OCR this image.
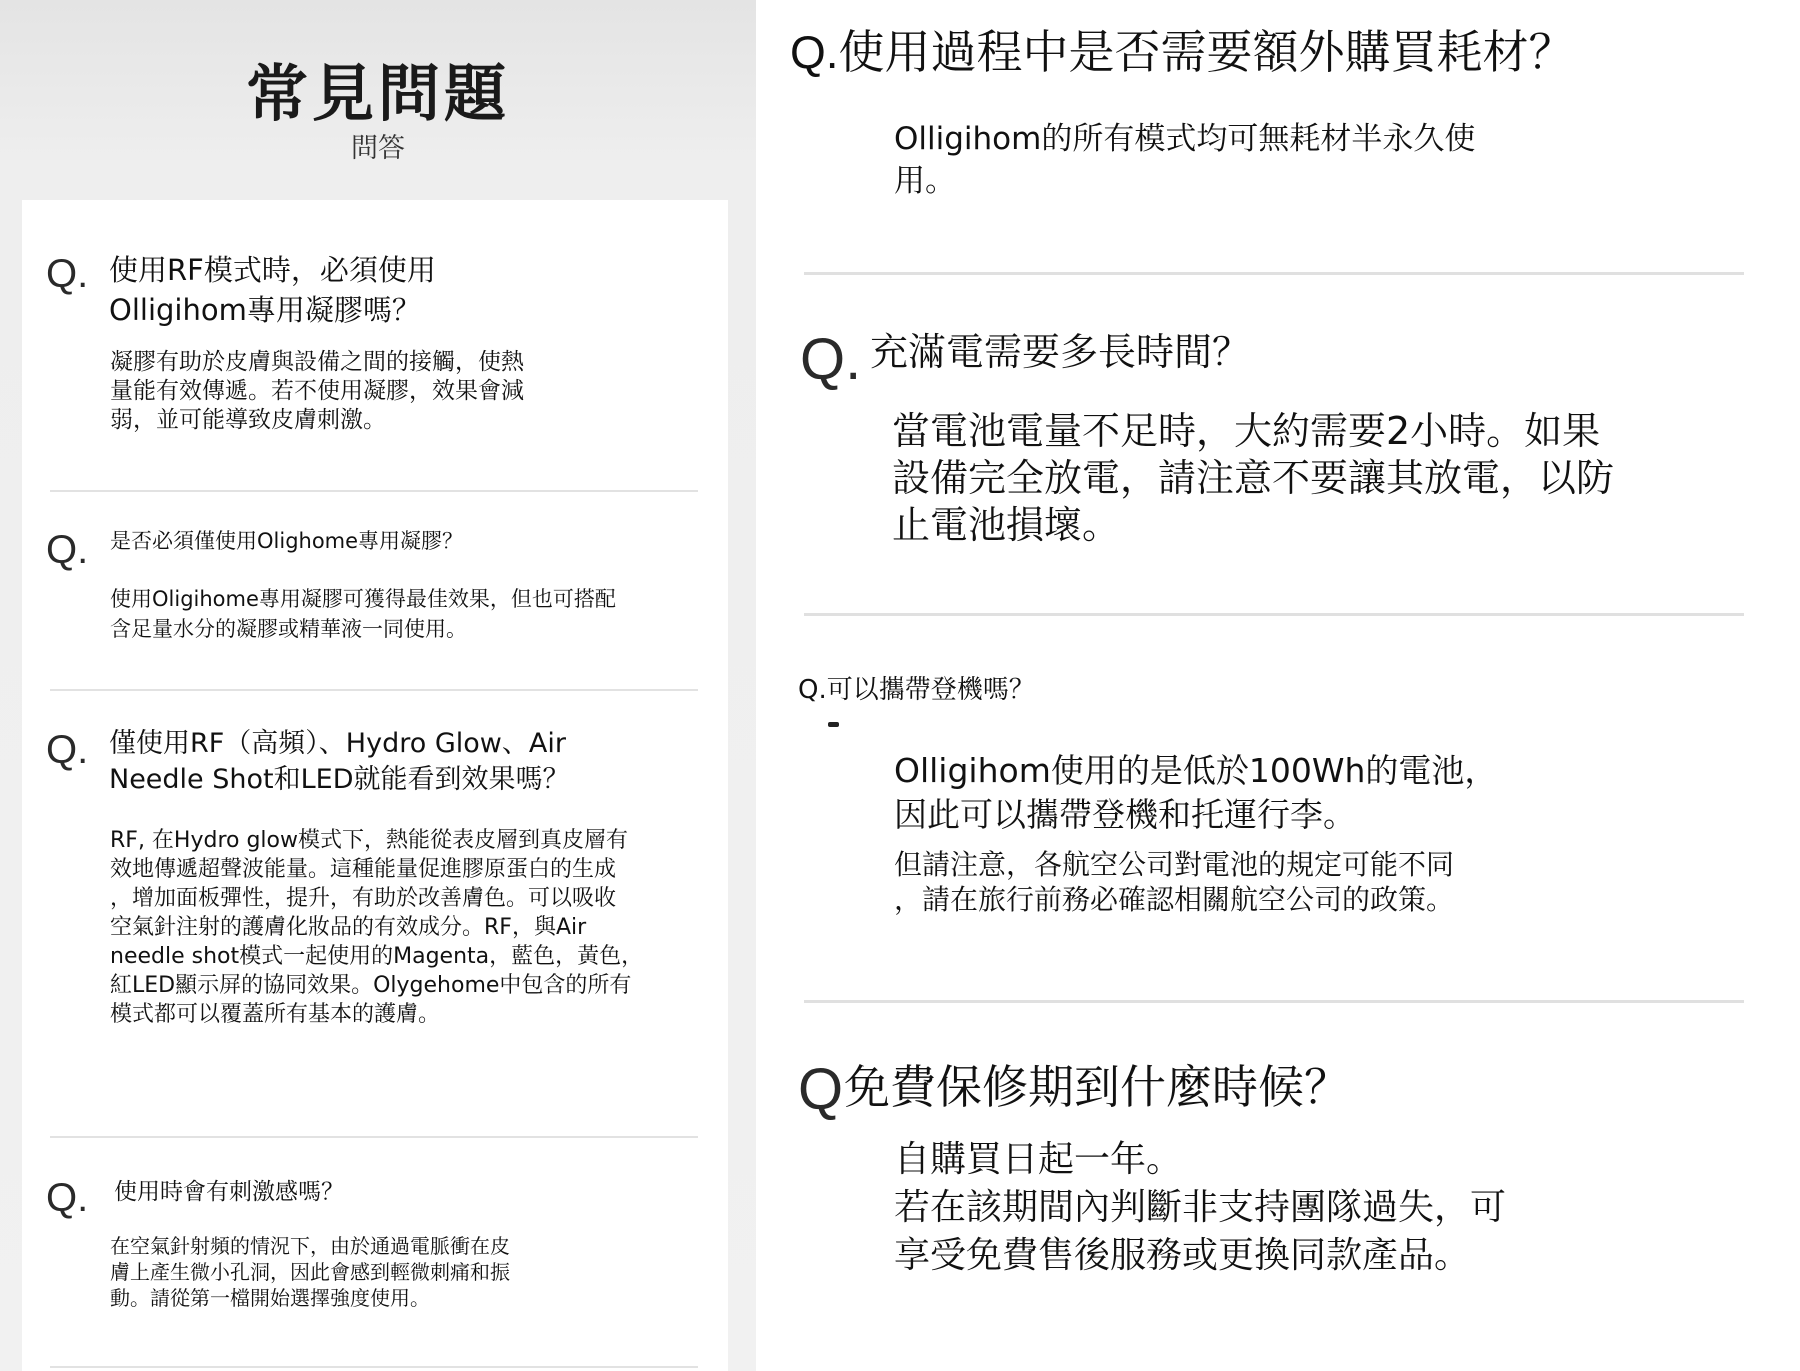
常見問題
問答
Q. 使用RF模式時，必須使用
Olligihom專用凝膠嗎？
凝膠有助於皮膚與設備之間的接觸，使熱
量能有效傳遞。若不使用凝膠，效果會減
弱，並可能導致皮膚刺激。
Q. 是否必須僅使用Olighome專用凝膠？
使用Oligihome專用凝膠可獲得最佳效果，但也可搭配
含足量水分的凝膠或精華液一同使用。
Q. 僅使用RF（高頻）、Hydro Glow、Air
Needle Shot和LED就能看到效果嗎？
RF, 在Hydro glow模式下，熱能從表皮層到真皮層有
效地傳遞超聲波能量。這種能量促進膠原蛋白的生成
，增加面板彈性，提升，有助於改善膚色。可以吸收
空氣針注射的護膚化妝品的有效成分。RF，與Air
needle shot模式一起使用的Magenta，藍色，黃色，
紅LED顯示屏的協同效果。Olygehome中包含的所有
模式都可以覆蓋所有基本的護膚。
Q. 使用時會有刺激感嗎？
在空氣針射頻的情況下，由於通過電脈衝在皮
膚上產生微小孔洞，因此會感到輕微刺痛和振
動。請從第一檔開始選擇強度使用。
Q.使用過程中是否需要額外購買耗材？
Olligihom的所有模式均可無耗材半永久使
用。
Q. 充滿電需要多長時間？
當電池電量不足時，大約需要2小時。如果
設備完全放電，請注意不要讓其放電，以防
止電池損壞。
Q.可以攜帶登機嗎？
Olligihom使用的是低於100Wh的電池，
因此可以攜帶登機和托運行李。
但請注意，各航空公司對電池的規定可能不同
，請在旅行前務必確認相關航空公司的政策。
Q 免費保修期到什麼時候？
自購買日起一年。
若在該期間內判斷非支持團隊過失，可
享受免費售後服務或更換同款產品。
